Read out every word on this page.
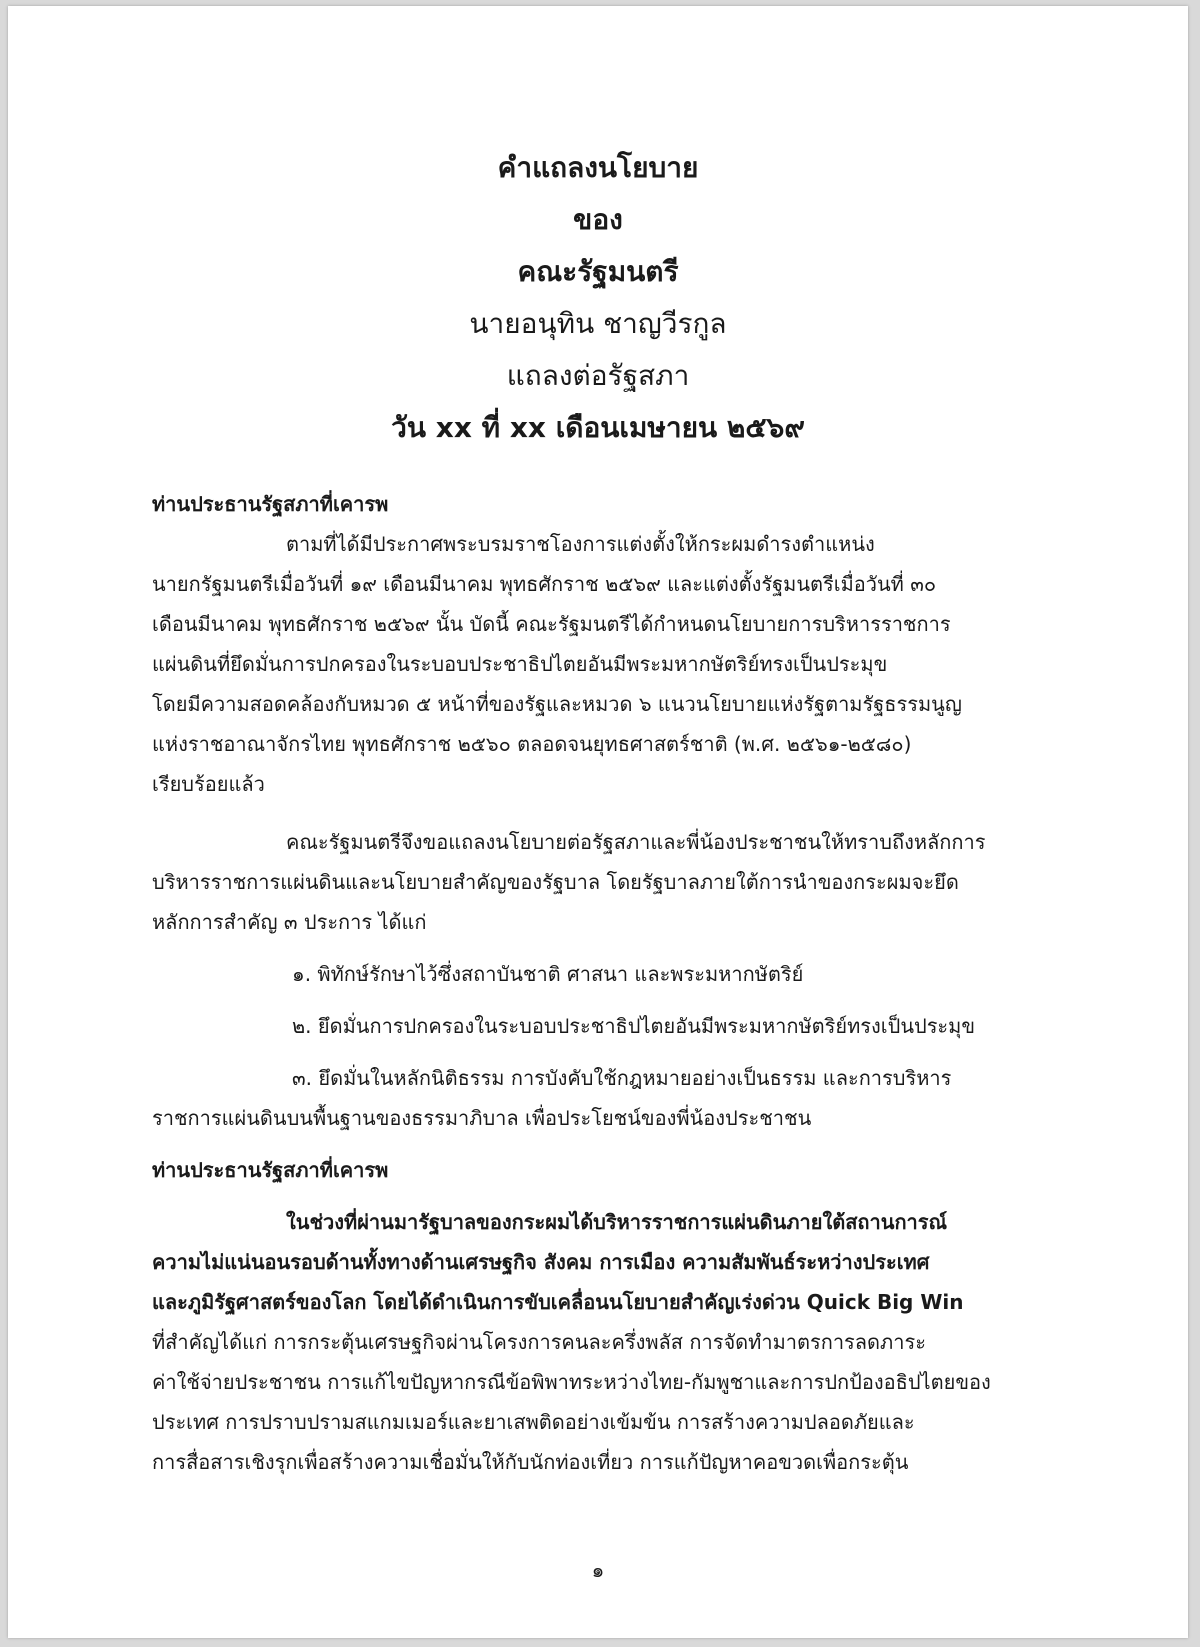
คำแถลงนโยบาย
ของ
คณะรัฐมนตรี
นายอนุทิน ชาญวีรกูล
แถลงต่อรัฐสภา
วัน xx ที่ xx เดือนเมษายน ๒๕๖๙

ท่านประธานรัฐสภาที่เคารพ

ตามที่ได้มีประกาศพระบรมราชโองการแต่งตั้งให้กระผมดำรงตำแหน่ง

นายกรัฐมนตรีเมื่อวันที่ ๑๙ เดือนมีนาคม พุทธศักราช ๒๕๖๙ และแต่งตั้งรัฐมนตรีเมื่อวันที่ ๓๐

เดือนมีนาคม พุทธศักราช ๒๕๖๙ นั้น บัดนี้ คณะรัฐมนตรีได้กำหนดนโยบายการบริหารราชการ

แผ่นดินที่ยึดมั่นการปกครองในระบอบประชาธิปไตยอันมีพระมหากษัตริย์ทรงเป็นประมุข

โดยมีความสอดคล้องกับหมวด ๕ หน้าที่ของรัฐและหมวด ๖ แนวนโยบายแห่งรัฐตามรัฐธรรมนูญ

แห่งราชอาณาจักรไทย พุทธศักราช ๒๕๖๐ ตลอดจนยุทธศาสตร์ชาติ (พ.ศ. ๒๕๖๑-๒๕๘๐)

เรียบร้อยแล้ว

คณะรัฐมนตรีจึงขอแถลงนโยบายต่อรัฐสภาและพี่น้องประชาชนให้ทราบถึงหลักการ

บริหารราชการแผ่นดินและนโยบายสำคัญของรัฐบาล โดยรัฐบาลภายใต้การนำของกระผมจะยึด

หลักการสำคัญ ๓ ประการ ได้แก่

๑. พิทักษ์รักษาไว้ซึ่งสถาบันชาติ ศาสนา และพระมหากษัตริย์

๒. ยึดมั่นการปกครองในระบอบประชาธิปไตยอันมีพระมหากษัตริย์ทรงเป็นประมุข

๓. ยึดมั่นในหลักนิติธรรม การบังคับใช้กฎหมายอย่างเป็นธรรม และการบริหาร

ราชการแผ่นดินบนพื้นฐานของธรรมาภิบาล เพื่อประโยชน์ของพี่น้องประชาชน

ท่านประธานรัฐสภาที่เคารพ

ในช่วงที่ผ่านมารัฐบาลของกระผมได้บริหารราชการแผ่นดินภายใต้สถานการณ์

ความไม่แน่นอนรอบด้านทั้งทางด้านเศรษฐกิจ สังคม การเมือง ความสัมพันธ์ระหว่างประเทศ

และภูมิรัฐศาสตร์ของโลก โดยได้ดำเนินการขับเคลื่อนนโยบายสำคัญเร่งด่วน Quick Big Win

ที่สำคัญได้แก่ การกระตุ้นเศรษฐกิจผ่านโครงการคนละครึ่งพลัส การจัดทำมาตรการลดภาระ

ค่าใช้จ่ายประชาชน การแก้ไขปัญหากรณีข้อพิพาทระหว่างไทย-กัมพูชาและการปกป้องอธิปไตยของ

ประเทศ การปราบปรามสแกมเมอร์และยาเสพติดอย่างเข้มข้น การสร้างความปลอดภัยและ

การสื่อสารเชิงรุกเพื่อสร้างความเชื่อมั่นให้กับนักท่องเที่ยว การแก้ปัญหาคอขวดเพื่อกระตุ้น

๑
